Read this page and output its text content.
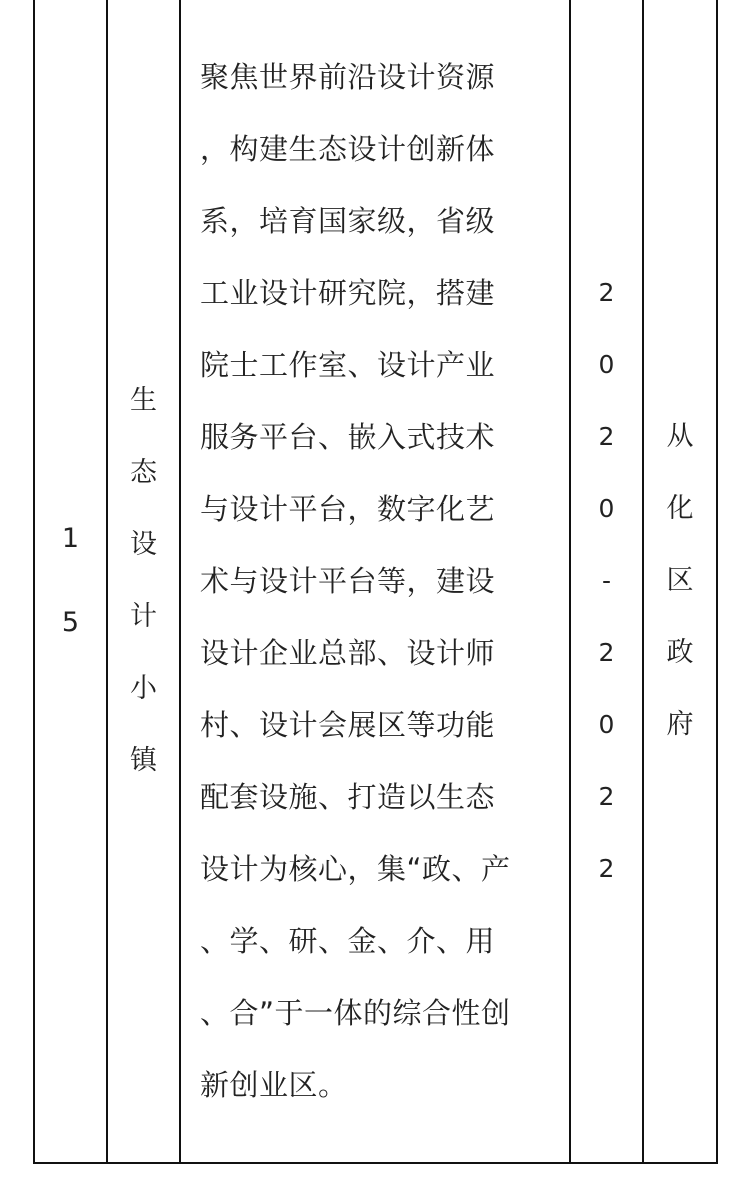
1
5

生
态
设
计
小
镇

聚焦世界前沿设计资源
，构建生态设计创新体
系，培育国家级，省级
工业设计研究院，搭建
院士工作室、设计产业
服务平台、嵌入式技术
与设计平台，数字化艺
术与设计平台等，建设
设计企业总部、设计师
村、设计会展区等功能
配套设施、打造以生态
设计为核心，集“政、产
、学、研、金、介、用
、合”于一体的综合性创
新创业区。

2
0
2
0
-
2
0
2
2

从
化
区
政
府
